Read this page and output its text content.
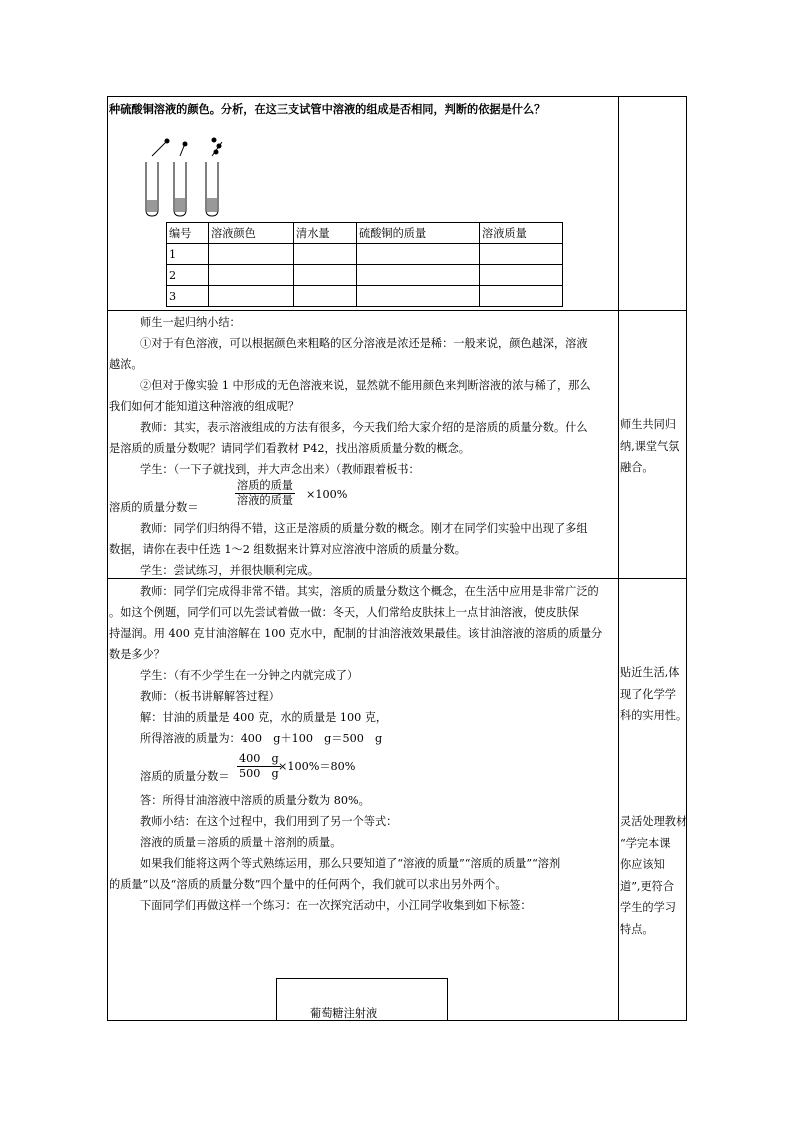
种硫酸铜溶液的颜色。分析，在这三支试管中溶液的组成是否相同，判断的依据是什么？
编号	溶液颜色	清水量	硫酸铜的质量	溶液质量
1				
2				
3				
师生一起归纳小结：
①对于有色溶液，可以根据颜色来粗略的区分溶液是浓还是稀：一般来说，颜色越深，溶液
越浓。
②但对于像实验 1 中形成的无色溶液来说，显然就不能用颜色来判断溶液的浓与稀了，那么
我们如何才能知道这种溶液的组成呢？
教师：其实，表示溶液组成的方法有很多，今天我们给大家介绍的是溶质的质量分数。什么
是溶质的质量分数呢？请同学们看教材 P42，找出溶质质量分数的概念。
学生：（一下子就找到，并大声念出来）（教师跟着板书：
溶质的质量分数＝
溶质的质量
溶液的质量 ×100%
教师：同学们归纳得不错，这正是溶质的质量分数的概念。刚才在同学们实验中出现了多组
数据，请你在表中任选 1～2 组数据来计算对应溶液中溶质的质量分数。
学生：尝试练习，并很快顺利完成。
师生共同归
纳,课堂气氛
融合。
教师：同学们完成得非常不错。其实，溶质的质量分数这个概念，在生活中应用是非常广泛的
。如这个例题，同学们可以先尝试着做一做：冬天，人们常给皮肤抹上一点甘油溶液，使皮肤保
持湿润。用 400 克甘油溶解在 100 克水中，配制的甘油溶液效果最佳。该甘油溶液的溶质的质量分
数是多少？
学生：（有不少学生在一分钟之内就完成了）
教师：（板书讲解解答过程）
解：甘油的质量是 400 克，水的质量是 100 克，
所得溶液的质量为：400　g＋100　g＝500　g
溶质的质量分数＝ $\frac{400 g}{500 g}$
×100%＝80%
答：所得甘油溶液中溶质的质量分数为 80%。
教师小结：在这个过程中，我们用到了另一个等式：
溶液的质量＝溶质的质量＋溶剂的质量。
如果我们能将这两个等式熟练运用，那么只要知道了“溶液的质量”“溶质的质量”“溶剂
的质量”以及“溶质的质量分数”四个量中的任何两个，我们就可以求出另外两个。
下面同学们再做这样一个练习：在一次探究活动中，小江同学收集到如下标签：
贴近生活,体
现了化学学
科的实用性。
灵活处理教材
“学完本课
你应该知
道”,更符合
学生的学习
特点。
葡萄糖注射液
